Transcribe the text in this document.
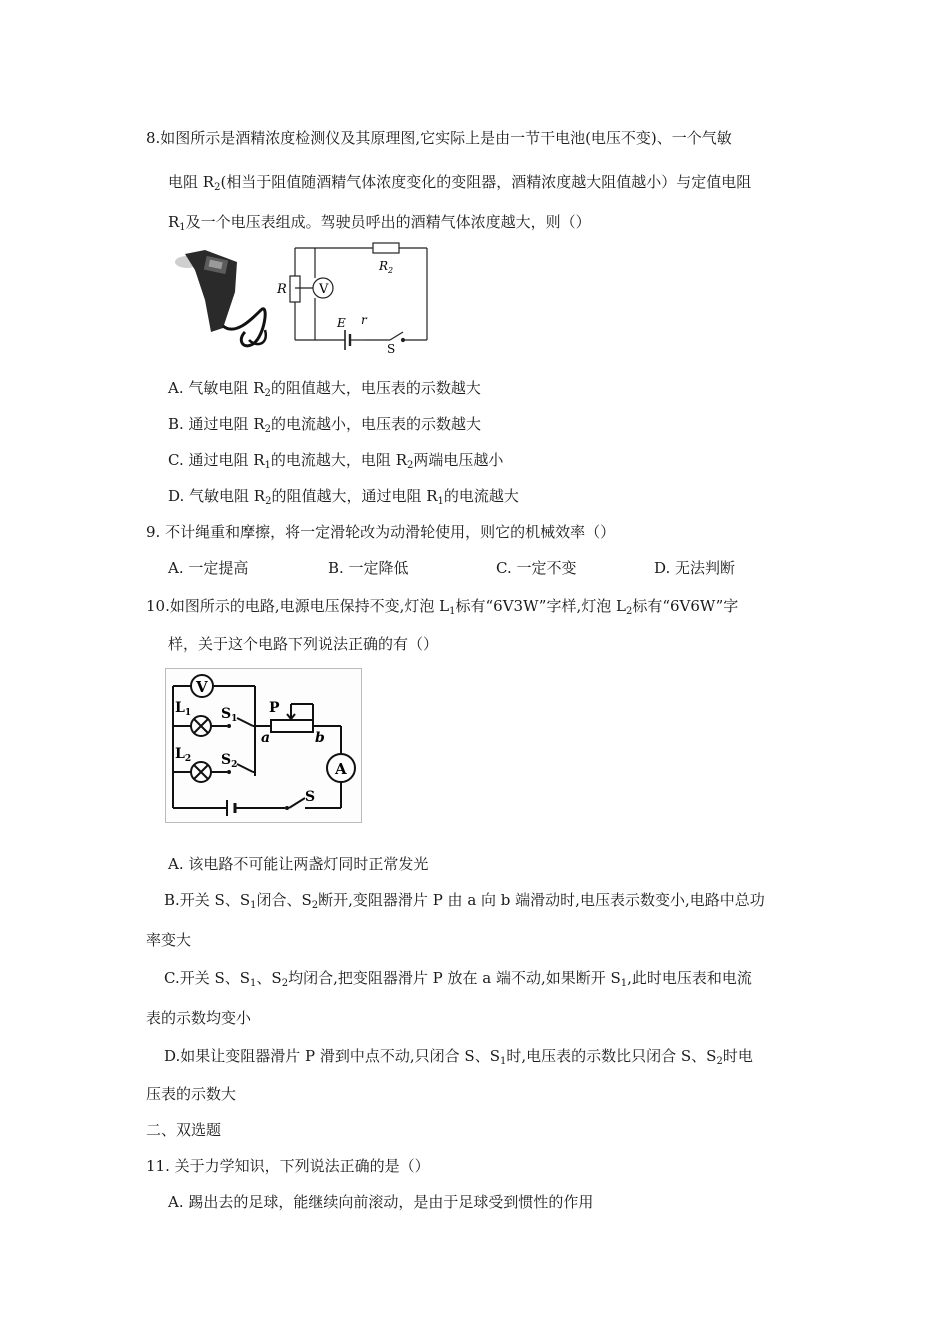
8.如图所示是酒精浓度检测仪及其原理图,它实际上是由一节干电池(电压不变)、一个气敏
电阻 $R_2$(相当于阻值随酒精气体浓度变化的变阻器，酒精浓度越大阻值越小）与定值电阻
$R_1$及一个电压表组成。驾驶员呼出的酒精气体浓度越大，则（）
V
R
$R_2$
E r
S
A. 气敏电阻 $R_2$的阻值越大，电压表的示数越大
B. 通过电阻 $R_2$的电流越小，电压表的示数越大
C. 通过电阻 $R_1$的电流越大，电阻 $R_2$两端电压越小
D. 气敏电阻 $R_2$的阻值越大，通过电阻 $R_1$的电流越大
9. 不计绳重和摩擦，将一定滑轮改为动滑轮使用，则它的机械效率（）
A. 一定提高	B. 一定降低	C. 一定不变	D. 无法判断
10.如图所示的电路,电源电压保持不变,灯泡 $L_1$标有“6V3W”字样,灯泡 $L_2$标有“6V6W”字
样，关于这个电路下列说法正确的有（）
V
A
$L_1$
$L_2$
$S_1$
$S_2$
P
a	b
S
A. 该电路不可能让两盏灯同时正常发光
B.开关 S、$S_1$闭合、$S_2$断开,变阻器滑片 P 由 a 向 b 端滑动时,电压表示数变小,电路中总功
率变大
C.开关 S、$S_1$、$S_2$均闭合,把变阻器滑片 P 放在 a 端不动,如果断开 $S_1$,此时电压表和电流
表的示数均变小
D.如果让变阻器滑片 P 滑到中点不动,只闭合 S、$S_1$时,电压表的示数比只闭合 S、$S_2$时电
压表的示数大
二、双选题
11. 关于力学知识，下列说法正确的是（）
A. 踢出去的足球，能继续向前滚动，是由于足球受到惯性的作用
